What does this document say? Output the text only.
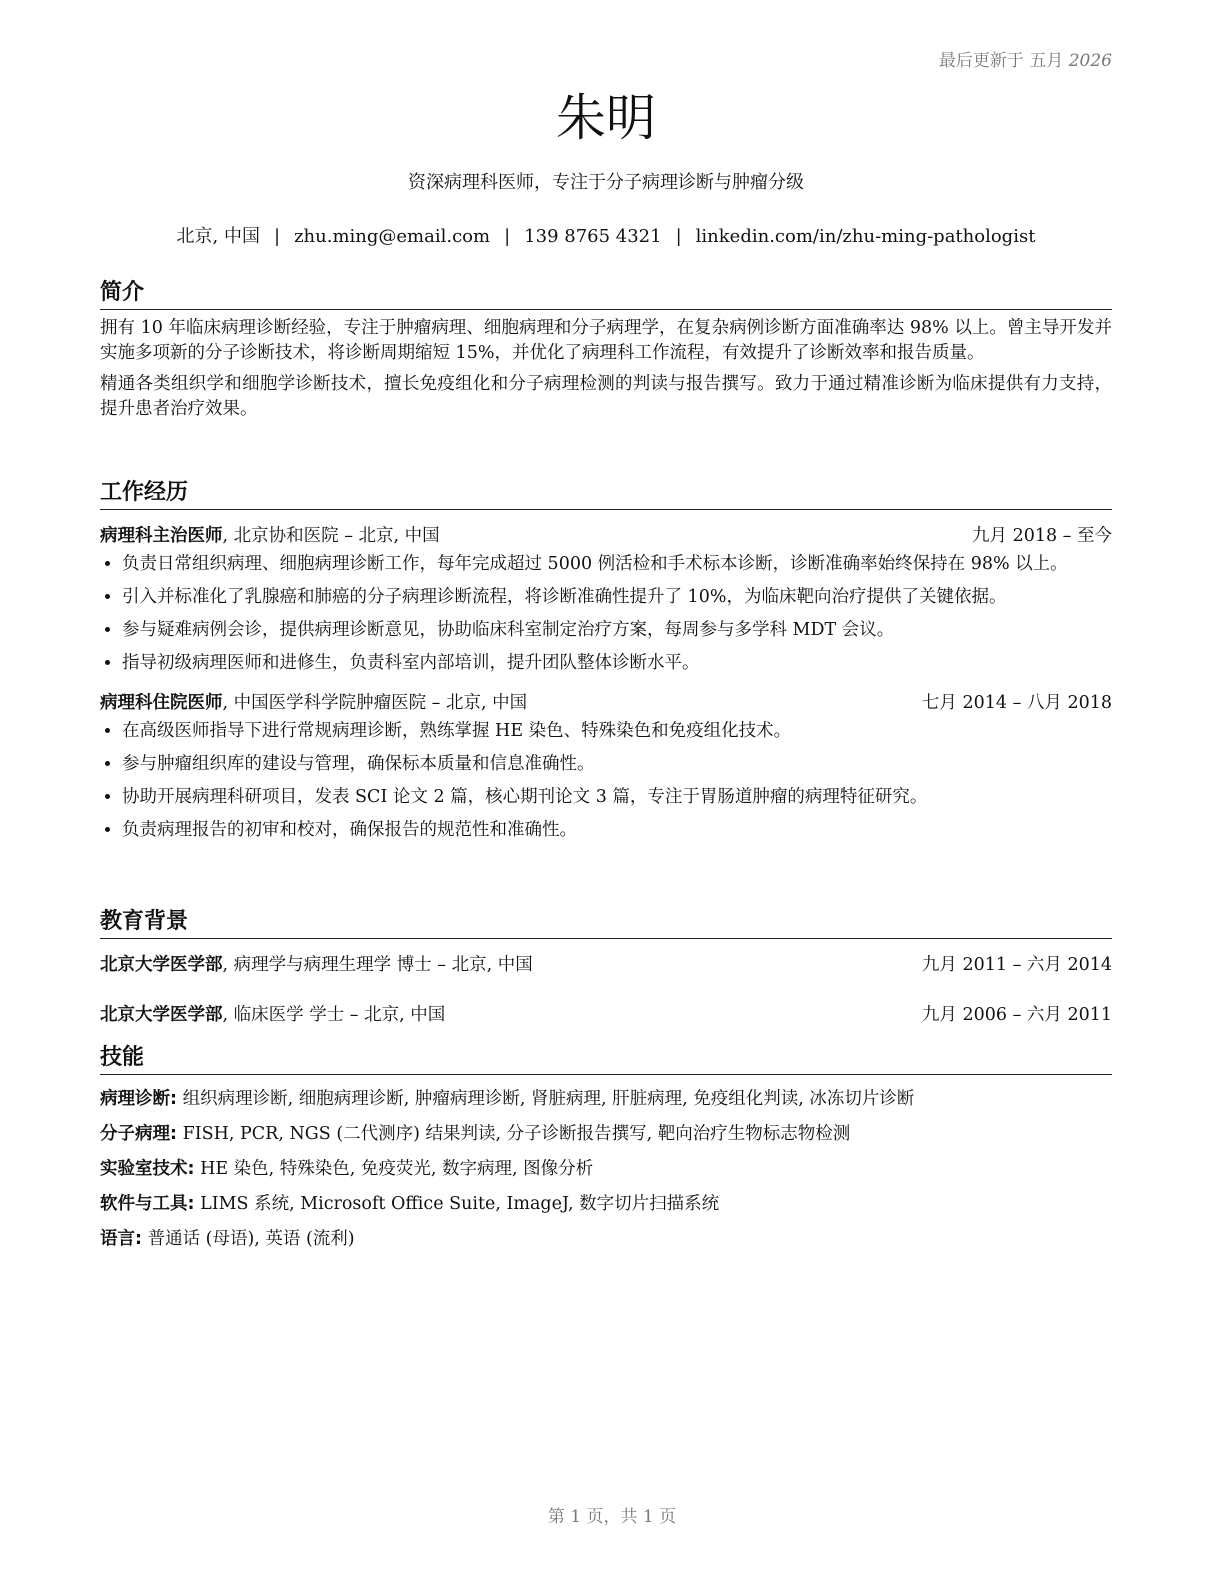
最后更新于 五月 2026
朱明
资深病理科医师，专注于分子病理诊断与肿瘤分级
北京, 中国 | zhu.ming@email.com | 139 8765 4321 | linkedin.com/in/zhu-ming-pathologist
简介

拥有 10 年临床病理诊断经验，专注于肿瘤病理、细胞病理和分子病理学，在复杂病例诊断方面准确率达 98% 以上。曾主导开发并实施多项新的分子诊断技术，将诊断周期缩短 15%，并优化了病理科工作流程，有效提升了诊断效率和报告质量。

精通各类组织学和细胞学诊断技术，擅长免疫组化和分子病理检测的判读与报告撰写。致力于通过精准诊断为临床提供有力支持，提升患者治疗效果。

工作经历
病理科主治医师, 北京协和医院 – 北京, 中国	九月 2018 – 至今
• 负责日常组织病理、细胞病理诊断工作，每年完成超过 5000 例活检和手术标本诊断，诊断准确率始终保持在 98% 以上。
• 引入并标准化了乳腺癌和肺癌的分子病理诊断流程，将诊断准确性提升了 10%，为临床靶向治疗提供了关键依据。
• 参与疑难病例会诊，提供病理诊断意见，协助临床科室制定治疗方案，每周参与多学科 MDT 会议。
• 指导初级病理医师和进修生，负责科室内部培训，提升团队整体诊断水平。
病理科住院医师, 中国医学科学院肿瘤医院 – 北京, 中国	七月 2014 – 八月 2018
• 在高级医师指导下进行常规病理诊断，熟练掌握 HE 染色、特殊染色和免疫组化技术。
• 参与肿瘤组织库的建设与管理，确保标本质量和信息准确性。
• 协助开展病理科研项目，发表 SCI 论文 2 篇，核心期刊论文 3 篇，专注于胃肠道肿瘤的病理特征研究。
• 负责病理报告的初审和校对，确保报告的规范性和准确性。
教育背景
北京大学医学部, 病理学与病理生理学 博士 – 北京, 中国	九月 2011 – 六月 2014
北京大学医学部, 临床医学 学士 – 北京, 中国	九月 2006 – 六月 2011
技能
病理诊断: 组织病理诊断, 细胞病理诊断, 肿瘤病理诊断, 肾脏病理, 肝脏病理, 免疫组化判读, 冰冻切片诊断
分子病理: FISH, PCR, NGS (二代测序) 结果判读, 分子诊断报告撰写, 靶向治疗生物标志物检测
实验室技术: HE 染色, 特殊染色, 免疫荧光, 数字病理, 图像分析
软件与工具: LIMS 系统, Microsoft Office Suite, ImageJ, 数字切片扫描系统
语言: 普通话 (母语), 英语 (流利)
第 1 页，共 1 页
